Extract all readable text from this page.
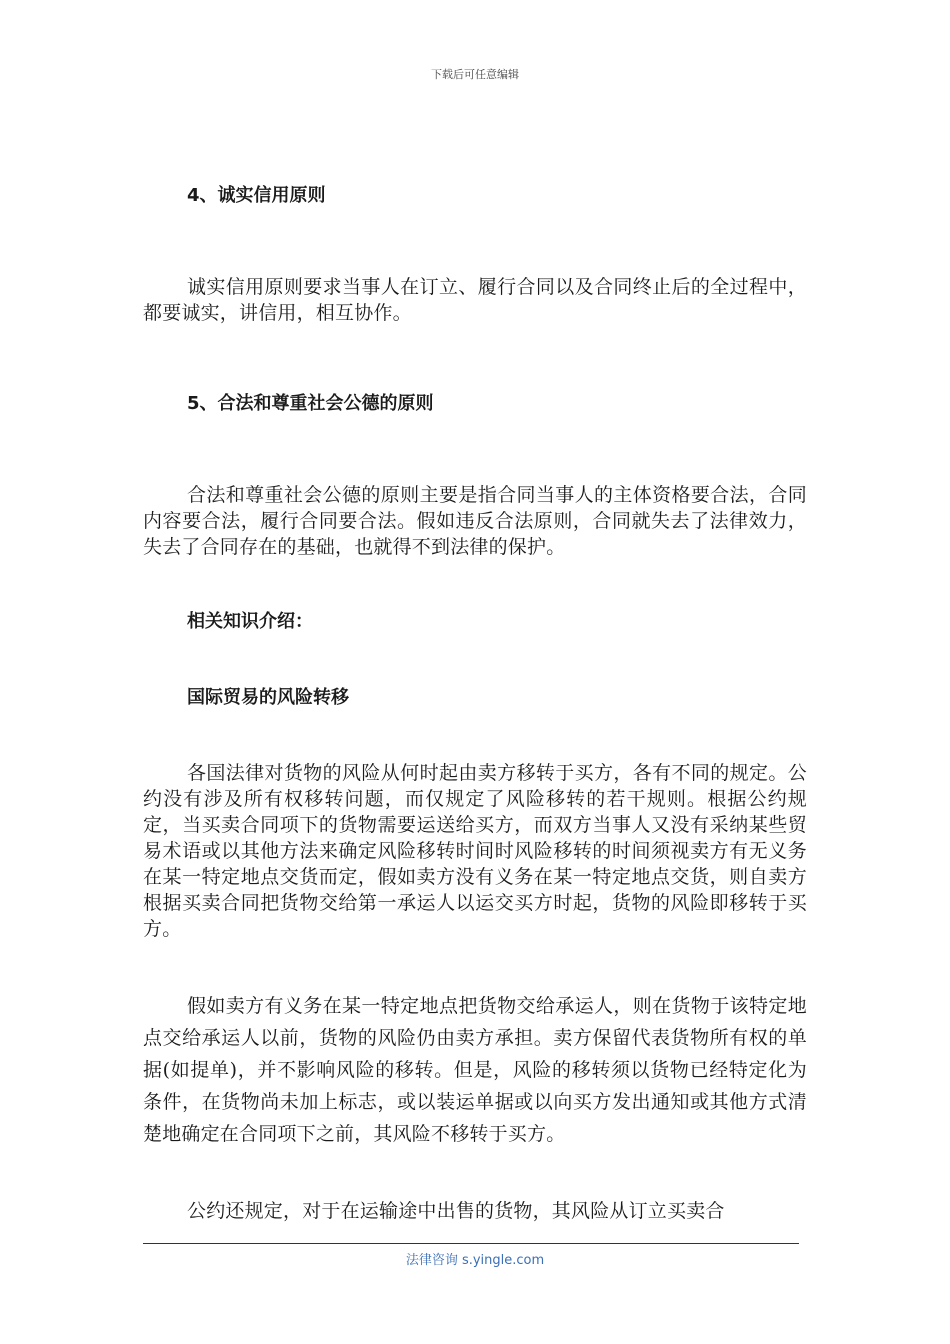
下载后可任意编辑

4、诚实信用原则

诚实信用原则要求当事人在订立、履行合同以及合同终止后的全过程中，都要诚实，讲信用，相互协作。

5、合法和尊重社会公德的原则

合法和尊重社会公德的原则主要是指合同当事人的主体资格要合法，合同内容要合法，履行合同要合法。假如违反合法原则，合同就失去了法律效力，失去了合同存在的基础，也就得不到法律的保护。

相关知识介绍：

国际贸易的风险转移

各国法律对货物的风险从何时起由卖方移转于买方，各有不同的规定。公约没有涉及所有权移转问题，而仅规定了风险移转的若干规则。根据公约规定，当买卖合同项下的货物需要运送给买方，而双方当事人又没有采纳某些贸易术语或以其他方法来确定风险移转时间时风险移转的时间须视卖方有无义务在某一特定地点交货而定，假如卖方没有义务在某一特定地点交货，则自卖方根据买卖合同把货物交给第一承运人以运交买方时起，货物的风险即移转于买方。

假如卖方有义务在某一特定地点把货物交给承运人，则在货物于该特定地点交给承运人以前，货物的风险仍由卖方承担。卖方保留代表货物所有权的单据(如提单)，并不影响风险的移转。但是，风险的移转须以货物已经特定化为条件，在货物尚未加上标志，或以装运单据或以向买方发出通知或其他方式清楚地确定在合同项下之前，其风险不移转于买方。

公约还规定，对于在运输途中出售的货物，其风险从订立买卖合

法律咨询 s.yingle.com
